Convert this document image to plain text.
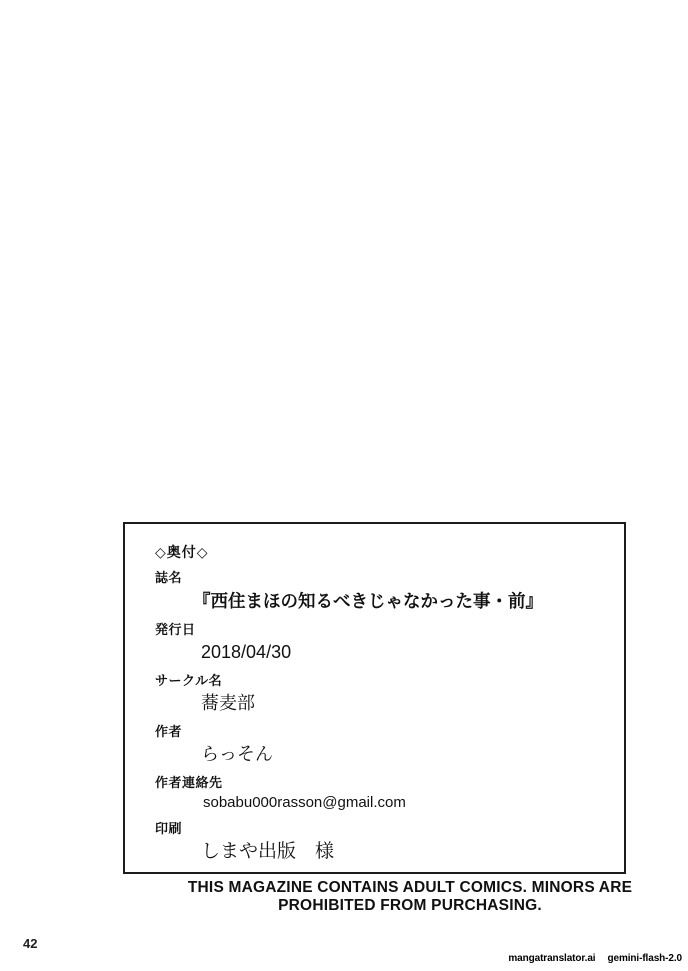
◇奥付◇
誌名
『西住まほの知るべきじゃなかった事・前』
発行日
2018/04/30
サークル名
蕎麦部
作者
らっそん
作者連絡先
sobabu000rasson@gmail.com
印刷
しまや出版　様
THIS MAGAZINE CONTAINS ADULT COMICS. MINORS ARE
PROHIBITED FROM PURCHASING.
42
mangatranslator.ai gemini-flash-2.0
